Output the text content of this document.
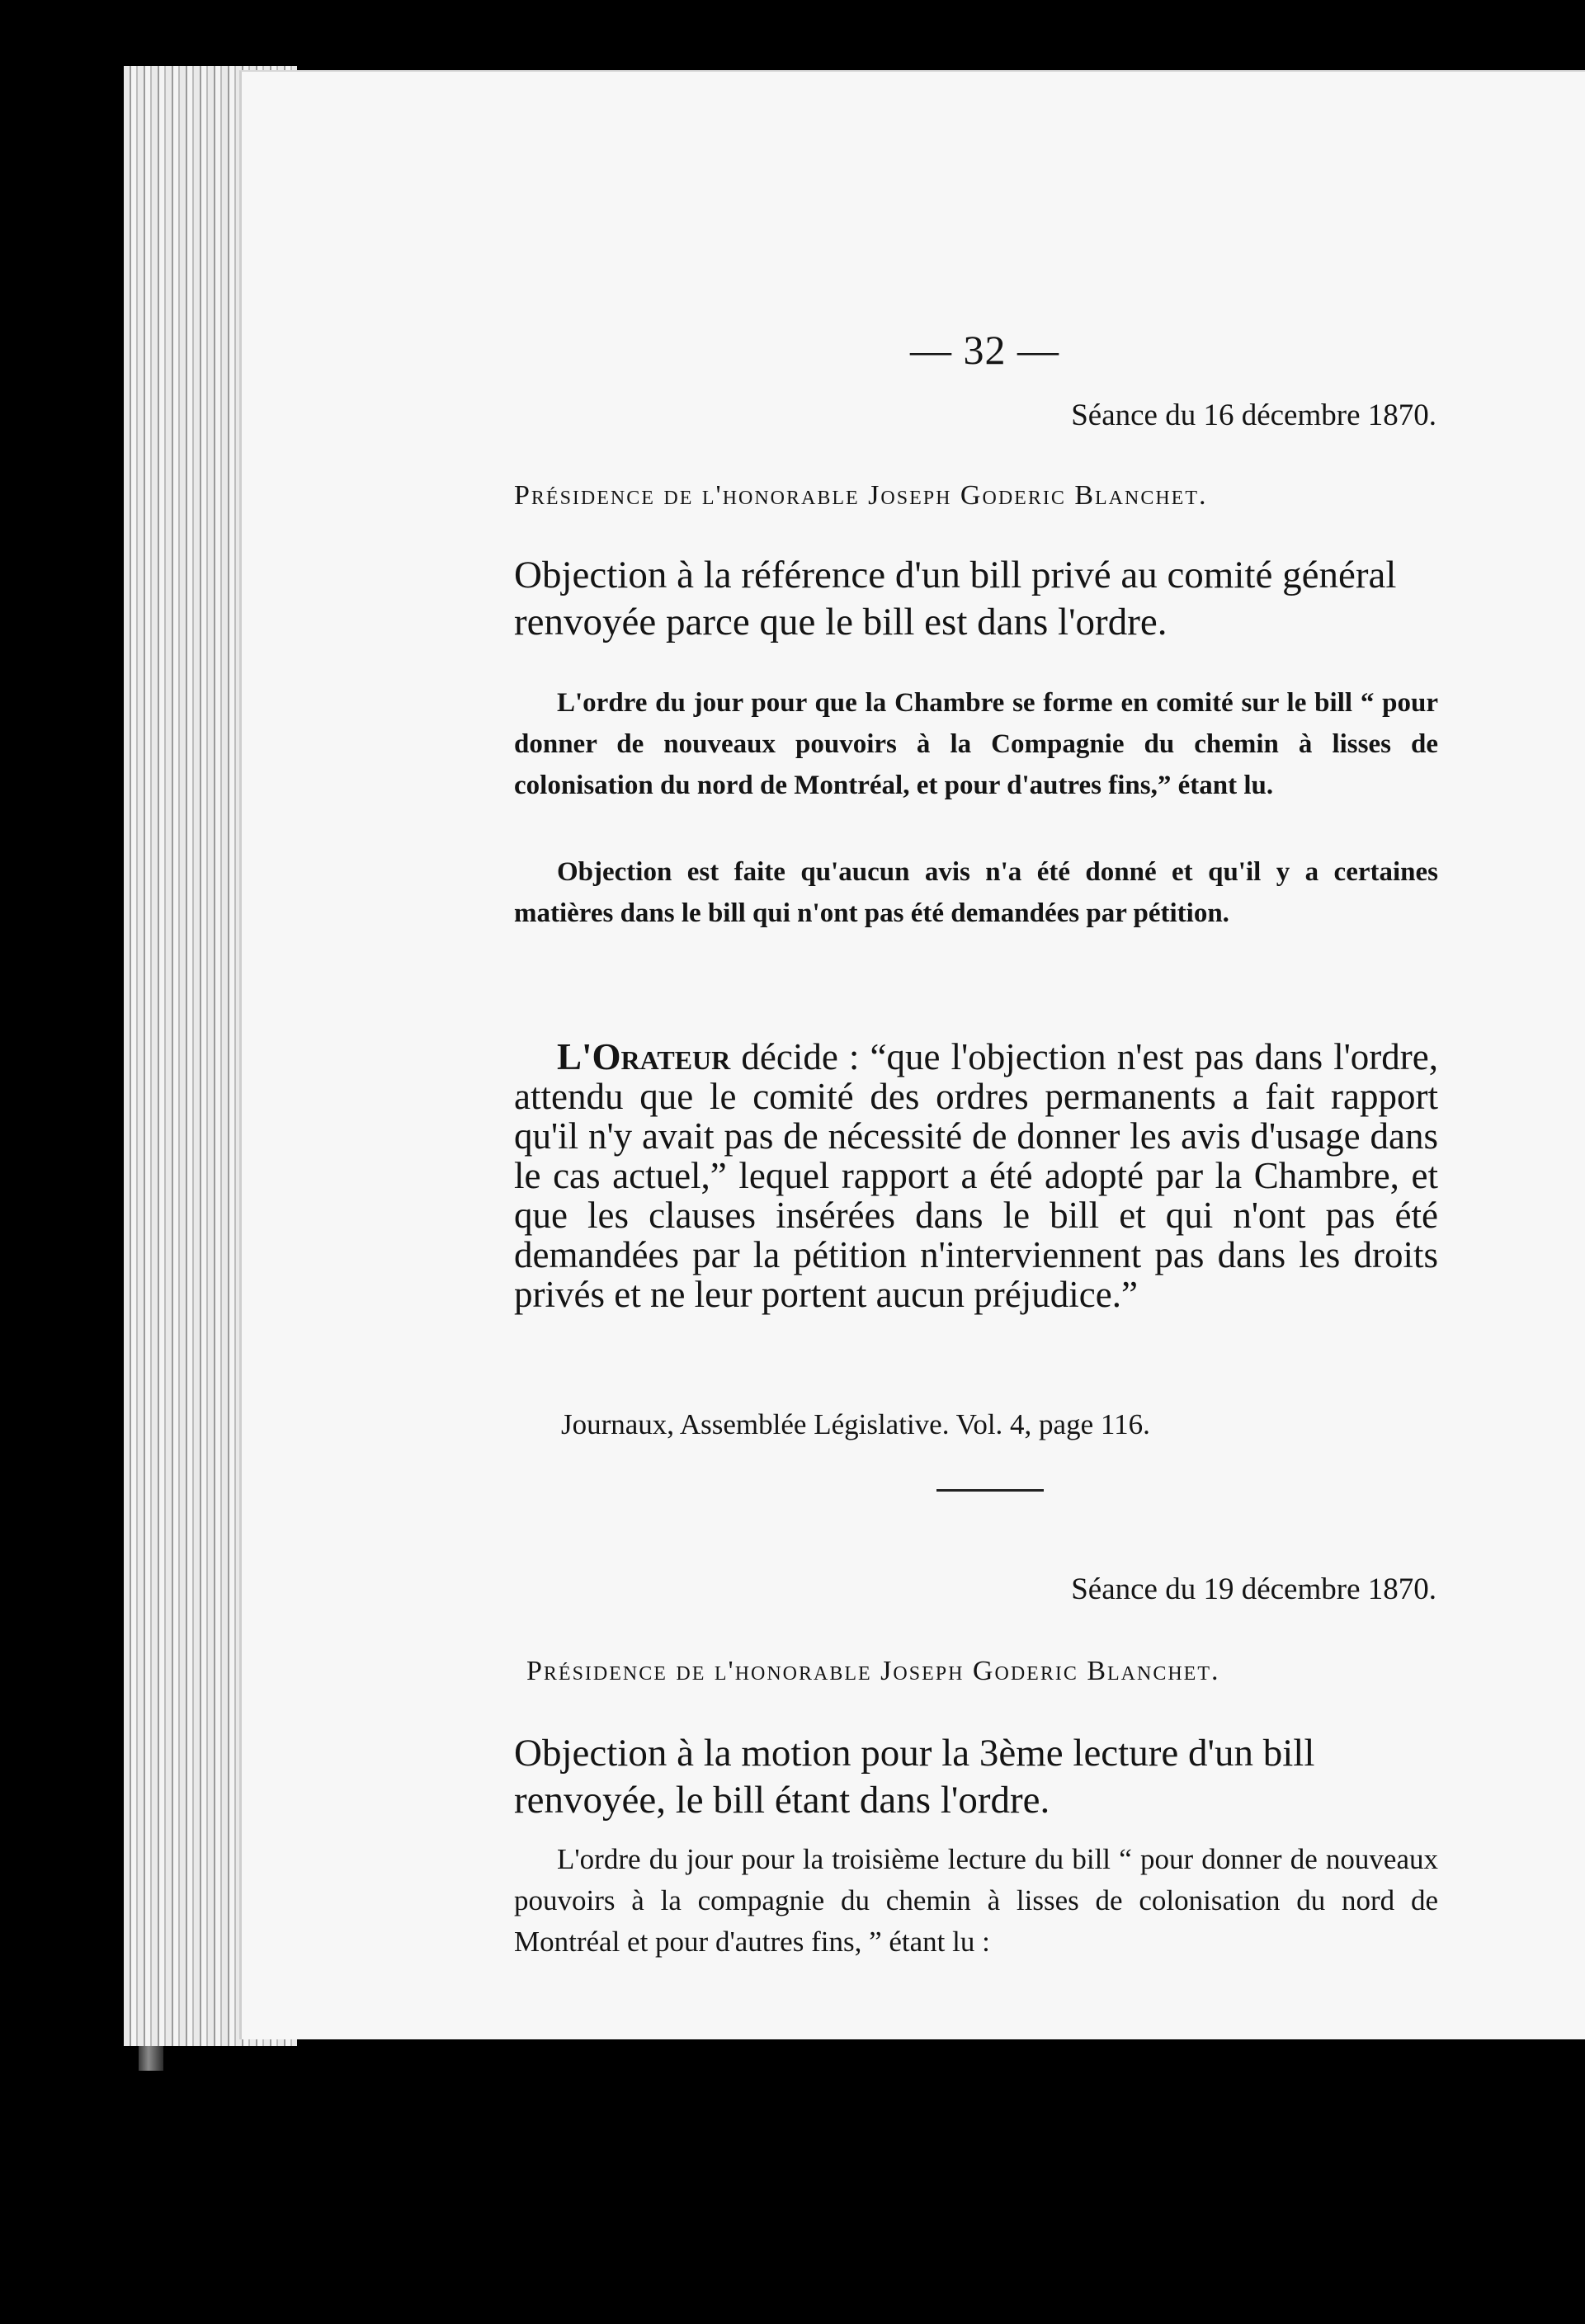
— 32 —

Séance du 16 décembre 1870.

Présidence de l'honorable Joseph Goderic Blanchet.

Objection à la référence d'un bill privé au comité général renvoyée parce que le bill est dans l'ordre.

L'ordre du jour pour que la Chambre se forme en comité sur le bill “ pour donner de nouveaux pouvoirs à la Compagnie du chemin à lisses de colonisation du nord de Montréal, et pour d'autres fins,” étant lu.

Objection est faite qu'aucun avis n'a été donné et qu'il y a certaines matières dans le bill qui n'ont pas été demandées par pétition.

L'Orateur décide : “que l'objection n'est pas dans l'ordre, attendu que le comité des ordres permanents a fait rapport qu'il n'y avait pas de nécessité de donner les avis d'usage dans le cas actuel,” lequel rapport a été adopté par la Chambre, et que les clauses insérées dans le bill et qui n'ont pas été demandées par la pétition n'interviennent pas dans les droits privés et ne leur portent aucun préjudice.”

Journaux, Assemblée Législative. Vol. 4, page 116.

Séance du 19 décembre 1870.

Présidence de l'honorable Joseph Goderic Blanchet.

Objection à la motion pour la 3ème lecture d'un bill renvoyée, le bill étant dans l'ordre.

L'ordre du jour pour la troisième lecture du bill “ pour donner de nouveaux pouvoirs à la compagnie du chemin à lisses de colonisation du nord de Montréal et pour d'autres fins, ” étant lu :
